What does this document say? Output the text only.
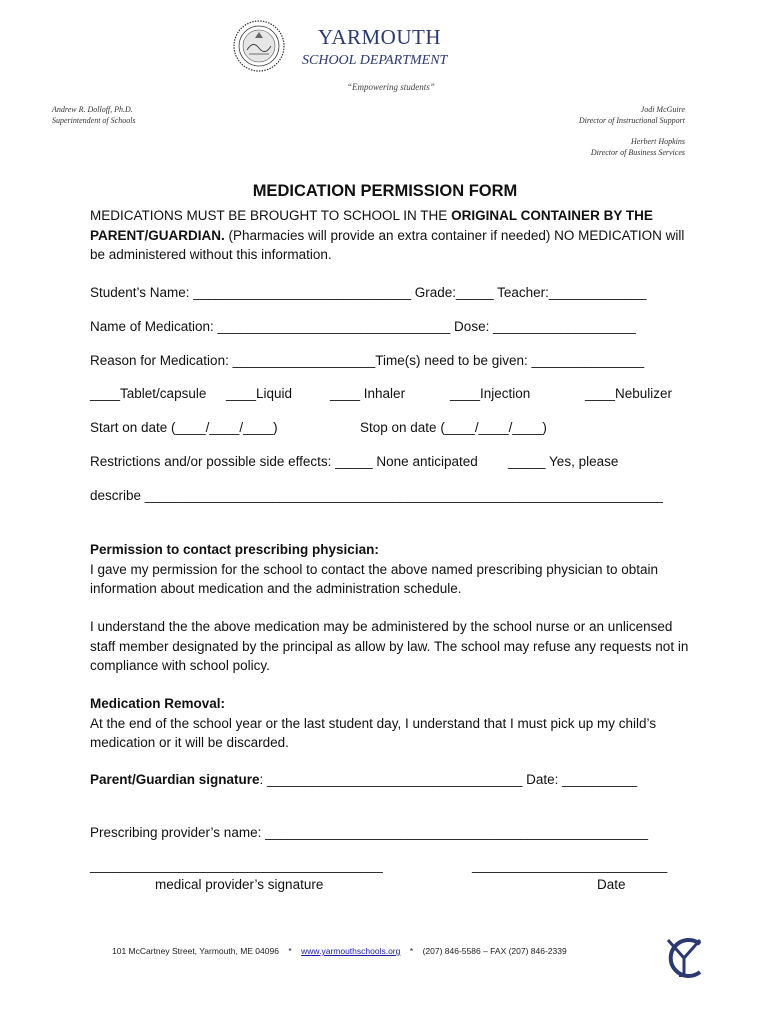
YARMOUTH
SCHOOL DEPARTMENT
“Empowering students”
Andrew R. Dolloff, Ph.D.
Superintendent of Schools
Jodi McGuire
Director of Instructional Support
Herbert Hopkins
Director of Business Services
MEDICATION PERMISSION FORM
MEDICATIONS MUST BE BROUGHT TO SCHOOL IN THE ORIGINAL CONTAINER BY THE PARENT/GUARDIAN. (Pharmacies will provide an extra container if needed) NO MEDICATION will be administered without this information.
Student’s Name: _____________________________ Grade:_____ Teacher:_____________
Name of Medication: _______________________________ Dose: ___________________
Reason for Medication: ___________________Time(s) need to be given: _______________
____Tablet/capsule ____Liquid	____ Inhaler	____Injection	____Nebulizer
Start on date (____/____/____)	Stop on date (____/____/____)
Restrictions and/or possible side effects: _____ None anticipated _____ Yes, please
describe _____________________________________________________________________
Permission to contact prescribing physician:
I gave my permission for the school to contact the above named prescribing physician to obtain information about medication and the administration schedule.
I understand the the above medication may be administered by the school nurse or an unlicensed staff member designated by the principal as allow by law. The school may refuse any requests not in compliance with school policy.
Medication Removal:
At the end of the school year or the last student day, I understand that I must pick up my child’s medication or it will be discarded.
Parent/Guardian signature: __________________________________ Date: __________
Prescribing provider’s name: ___________________________________________________
_______________________________________	__________________________
medical provider’s signature	Date
101 McCartney Street, Yarmouth, ME 04096 * www.yarmouthschools.org * (207) 846-5586 – FAX (207) 846-2339
